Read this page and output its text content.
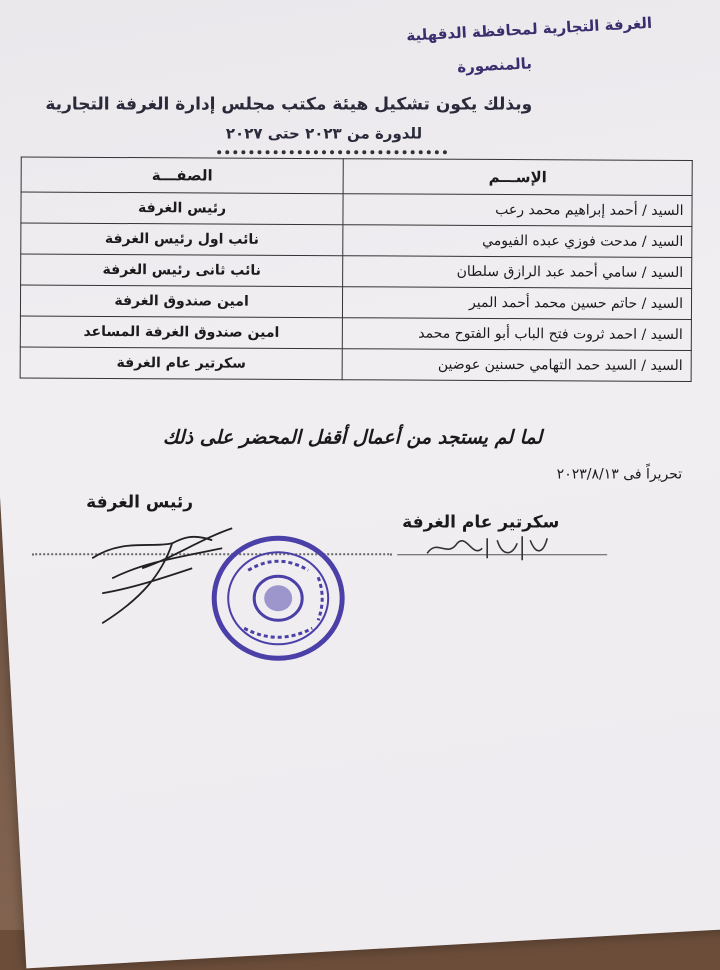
الغرفة التجارية لمحافظة الدقهلية
بالمنصورة
وبذلك يكون تشكيل هيئة مكتب مجلس إدارة الغرفة التجارية
للدورة من ٢٠٢٣ حتى ٢٠٢٧
الإســـم	الصفـــة
السيد / أحمد إبراهيم محمد رعب	رئيس الغرفة
السيد / مدحت فوزي عبده الفيومي	نائب اول رئيس الغرفة
السيد / سامي أحمد عبد الرازق سلطان	نائب ثانى رئيس الغرفة
السيد / حاتم حسين محمد أحمد المير	امين صندوق الغرفة
السيد / احمد ثروت فتح الباب أبو الفتوح محمد	امين صندوق الغرفة المساعد
السيد / السيد حمد التهامي حسنين عوضين	سكرتير عام الغرفة
لما لم يستجد من أعمال أقفل المحضر على ذلك
تحريراً فى ٢٠٢٣/٨/١٣
رئيس الغرفة
سكرتير عام الغرفة
